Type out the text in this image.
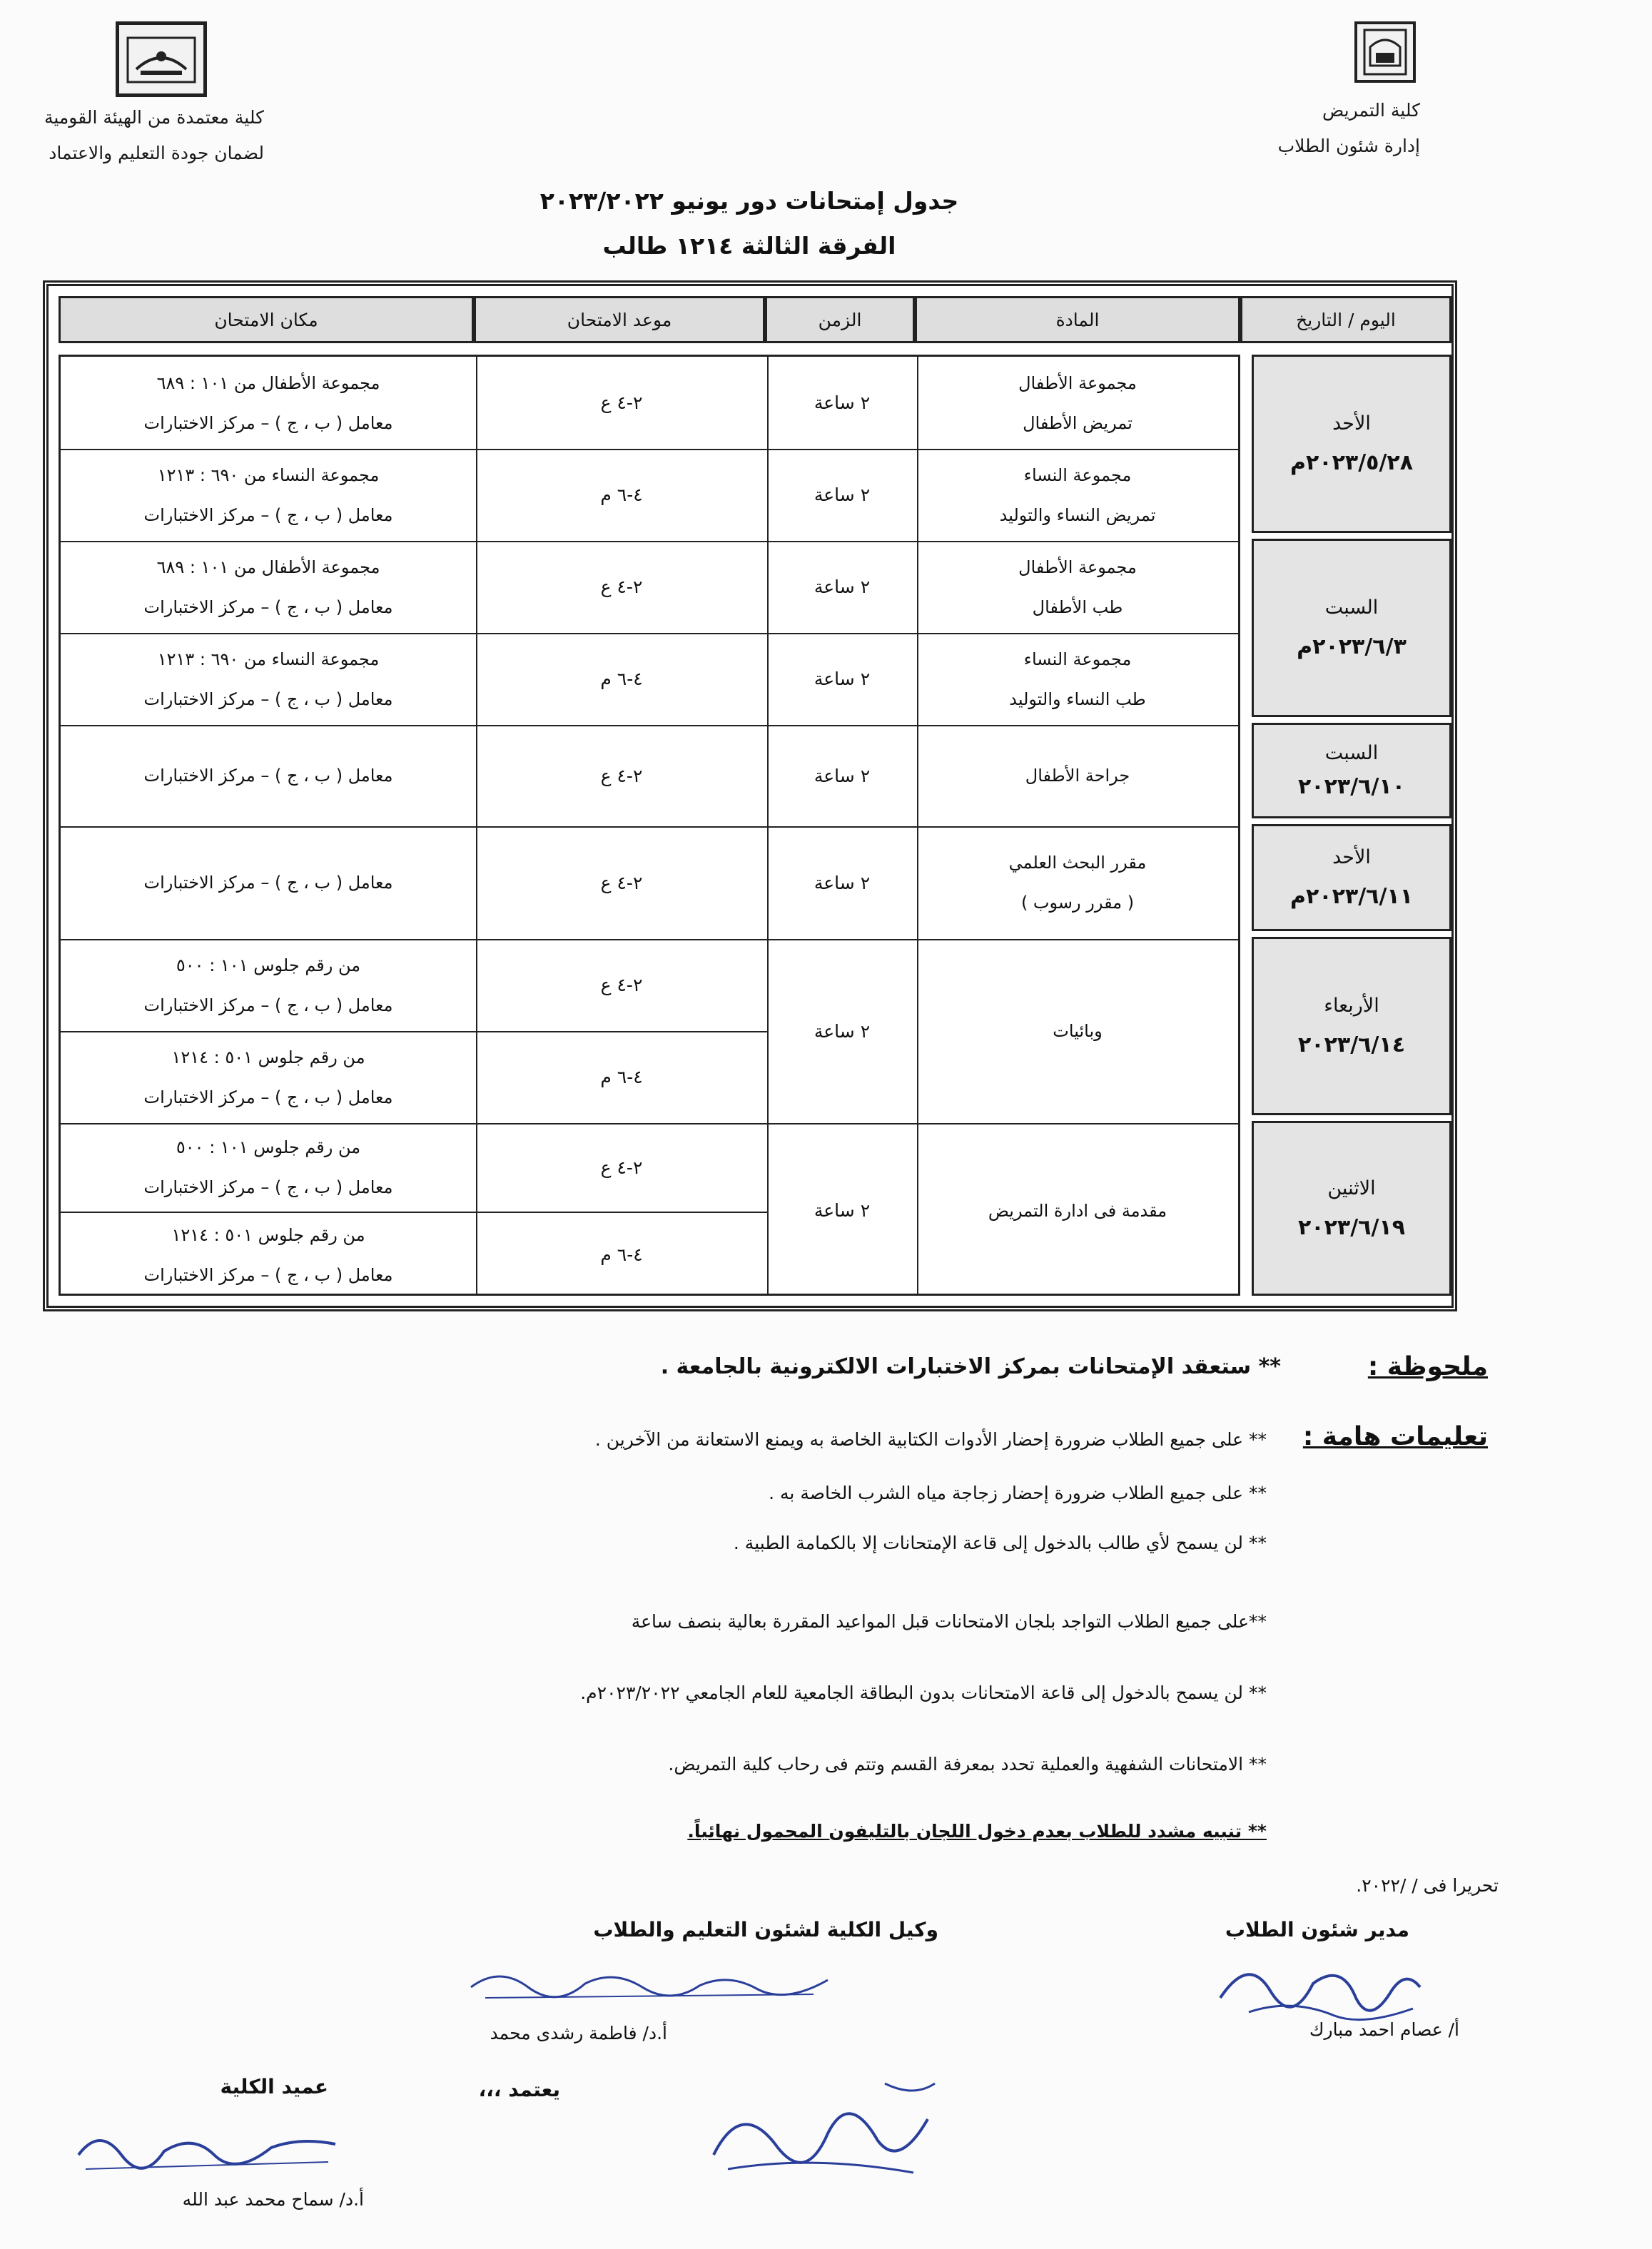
كلية التمريض
إدارة شئون الطلاب
كلية معتمدة من الهيئة القومية
لضمان جودة التعليم والاعتماد
جدول إمتحانات دور يونيو ٢٠٢٣/٢٠٢٢
الفرقة الثالثة ١٢١٤ طالب
اليوم / التاريخ
المادة
الزمن
موعد الامتحان
مكان الامتحان
الأحد
٢٠٢٣/٥/٢٨م
السبت
٢٠٢٣/٦/٣م
السبت
٢٠٢٣/٦/١٠
الأحد
٢٠٢٣/٦/١١م
الأربعاء
٢٠٢٣/٦/١٤
الاثنين
٢٠٢٣/٦/١٩
مجموعة الأطفال
تمريض الأطفال
٢ ساعة
٢-٤ ع
مجموعة الأطفال من ١٠١ : ٦٨٩
معامل ( ب ، ج ) – مركز الاختبارات
مجموعة النساء
تمريض النساء والتوليد
٢ ساعة
٤-٦ م
مجموعة النساء من ٦٩٠ : ١٢١٣
معامل ( ب ، ج ) – مركز الاختبارات
مجموعة الأطفال
طب الأطفال
٢ ساعة
٢-٤ ع
مجموعة الأطفال من ١٠١ : ٦٨٩
معامل ( ب ، ج ) – مركز الاختبارات
مجموعة النساء
طب النساء والتوليد
٢ ساعة
٤-٦ م
مجموعة النساء من ٦٩٠ : ١٢١٣
معامل ( ب ، ج ) – مركز الاختبارات
جراحة الأطفال
٢ ساعة
٢-٤ ع
معامل ( ب ، ج ) – مركز الاختبارات
مقرر البحث العلمي
( مقرر رسوب )
٢ ساعة
٢-٤ ع
معامل ( ب ، ج ) – مركز الاختبارات
وبائيات
٢ ساعة
٢-٤ ع
٤-٦ م
من رقم جلوس ١٠١ : ٥٠٠
معامل ( ب ، ج ) – مركز الاختبارات
من رقم جلوس ٥٠١ : ١٢١٤
معامل ( ب ، ج ) – مركز الاختبارات
مقدمة فى ادارة التمريض
٢ ساعة
٢-٤ ع
٤-٦ م
من رقم جلوس ١٠١ : ٥٠٠
معامل ( ب ، ج ) – مركز الاختبارات
من رقم جلوس ٥٠١ : ١٢١٤
معامل ( ب ، ج ) – مركز الاختبارات
ملحوظة :
** ستعقد الإمتحانات بمركز الاختبارات الالكترونية بالجامعة .
تعليمات هامة :
** على جميع الطلاب ضرورة إحضار الأدوات الكتابية الخاصة به ويمنع الاستعانة من الآخرين .
** على جميع الطلاب ضرورة إحضار زجاجة مياه الشرب الخاصة به .
** لن يسمح لأي طالب بالدخول إلى قاعة الإمتحانات إلا بالكمامة الطبية .
**على جميع الطلاب التواجد بلجان الامتحانات قبل المواعيد المقررة بعالية بنصف ساعة
** لن يسمح بالدخول إلى قاعة الامتحانات بدون البطاقة الجامعية للعام الجامعي ٢٠٢٣/٢٠٢٢م.
** الامتحانات الشفهية والعملية تحدد بمعرفة القسم وتتم فى رحاب كلية التمريض.
** تنبيه مشدد للطلاب بعدم دخول اللجان بالتليفون المحمول نهائياً.
تحريرا فى / /٢٠٢٢.
مدير شئون الطلاب
أ/ عصام احمد مبارك
وكيل الكلية لشئون التعليم والطلاب
أ.د/ فاطمة رشدى محمد
يعتمد ،،،
عميد الكلية
أ.د/ سماح محمد عبد الله
